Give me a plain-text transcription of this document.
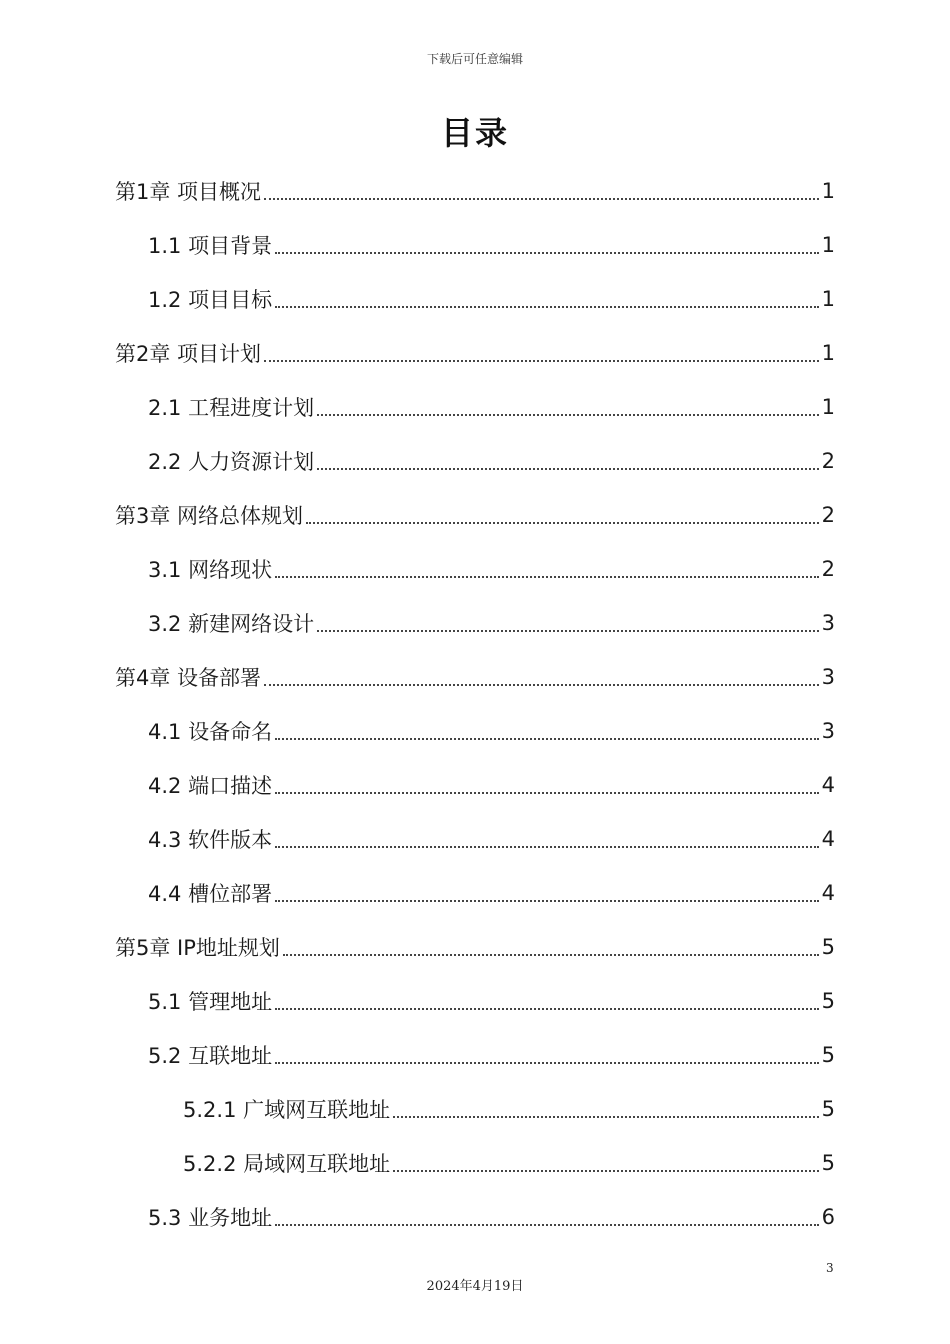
下载后可任意编辑
目录
第1章 项目概况	1
1.1 项目背景	1
1.2 项目目标	1
第2章 项目计划	1
2.1 工程进度计划	1
2.2 人力资源计划	2
第3章 网络总体规划	2
3.1 网络现状	2
3.2 新建网络设计	3
第4章 设备部署	3
4.1 设备命名	3
4.2 端口描述	4
4.3 软件版本	4
4.4 槽位部署	4
第5章 IP地址规划	5
5.1 管理地址	5
5.2 互联地址	5
5.2.1 广域网互联地址	5
5.2.2 局域网互联地址	5
5.3 业务地址	6
3
2024年4月19日
